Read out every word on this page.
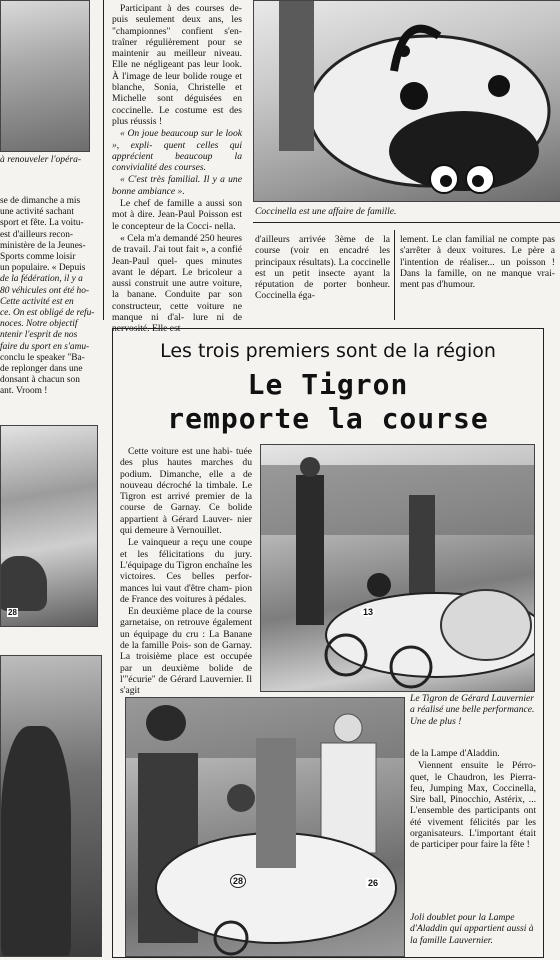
à renouveler l'opéra-
se de dimanche a mis
une activité sachant
sport et fête. La voitu-
est d'ailleurs recon-
ministère de la Jeunes-
Sports comme loisir
un populaire. « Depuis
de la fédération, il y a
80 véhicules ont été ho-
Cette activité est en
ce. On est obligé de refu-
noces. Notre objectif
ntenir l'esprit de nos
faire du sport en s'amu-
conclu le speaker "Ba-
de replonger dans une
donsant à chacun son
ant. Vroom !
28

Participant à des courses de- puis seulement deux ans, les "championnes" confient s'en- traîner régulièrement pour se maintenir au meilleur niveau. Elle ne négligeant pas leur look. À l'image de leur bolide rouge et blanche, Sonia, Christelle et Michelle sont déguisées en coccinelle. Le costume est des plus réussis !

« On joue beaucoup sur le look », expli- quent celles qui apprécient beaucoup la convivialité des courses.

« C'est très familial. Il y a une bonne ambiance ».

Le chef de famille a aussi son mot à dire. Jean-Paul Poisson est le concepteur de la Cocci- nella.

« Cela m'a demandé 250 heures de travail. J'ai tout fait », a confié Jean-Paul quel- ques minutes avant le départ. Le bricoleur a aussi construit une autre voiture, la banane. Conduite par son constructeur, cette voiture ne manque ni d'al- lure ni de nervosité. Elle est

Coccinella est une affaire de famille.

d'ailleurs arrivée 3ème de la course (voir en encadré les principaux résultats). La coccinelle est un petit insecte ayant la réputation de porter bonheur. Coccinella éga-

lement. Le clan familial ne compte pas s'arrêter à deux voitures. Le père a l'intention de réaliser... un poisson ! Dans la famille, on ne manque vrai- ment pas d'humour.

Les trois premiers sont de la région
Le Tigron
remporte la course

Cette voiture est une habi- tuée des plus hautes marches du podium. Dimanche, elle a de nouveau décroché la timbale. Le Tigron est arrivé premier de la course de Garnay. Ce bolide appartient à Gérard Lauver- nier qui demeure à Vernouillet.

Le vainqueur a reçu une coupe et les félicitations du jury. L'équipage du Tigron enchaîne les victoires. Ces belles perfor- mances lui vaut d'être cham- pion de France des voitures à pédales.

En deuxième place de la course garnetaise, on retrouve également un équipage du cru : La Banane de la famille Pois- son de Garnay. La troisième place est occupée par un deuxième bolide de l'"écurie" de Gérard Lauvernier. Il s'agit

13
Le Tigron de Gérard Lauvernier a réalisé une belle performance. Une de plus !
28	26

de la Lampe d'Aladdin.

Viennent ensuite le Pérro- quet, le Chaudron, les Pierra- feu, Jumping Max, Coccinella, Sire ball, Pinocchio, Astérix, ... L'ensemble des participants ont été vivement félicités par les organisateurs. L'important était de participer pour faire la fête !

Joli doublet pour la Lampe d'Aladdin qui appartient aussi à la famille Lauvernier.
